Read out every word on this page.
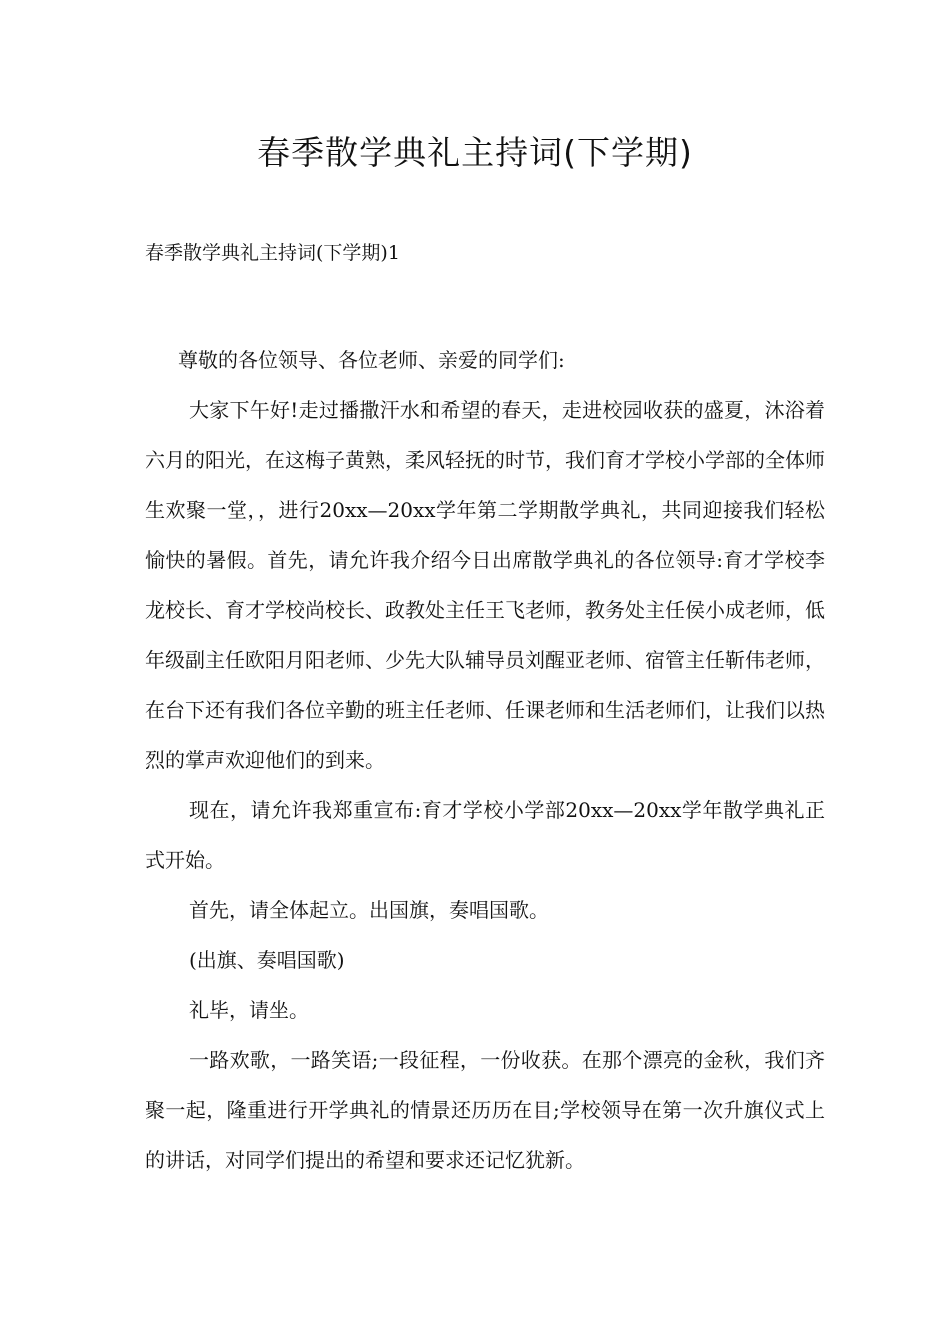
春季散学典礼主持词(下学期)
春季散学典礼主持词(下学期)1

尊敬的各位领导、各位老师、亲爱的同学们:

大家下午好!走过播撒汗水和希望的春天，走进校园收获的盛夏，沐浴着六月的阳光，在这梅子黄熟，柔风轻抚的时节，我们育才学校小学部的全体师生欢聚一堂，，进行20xx—20xx学年第二学期散学典礼，共同迎接我们轻松愉快的暑假。首先，请允许我介绍今日出席散学典礼的各位领导:育才学校李龙校长、育才学校尚校长、政教处主任王飞老师，教务处主任侯小成老师，低年级副主任欧阳月阳老师、少先大队辅导员刘醒亚老师、宿管主任靳伟老师，在台下还有我们各位辛勤的班主任老师、任课老师和生活老师们，让我们以热烈的掌声欢迎他们的到来。

现在，请允许我郑重宣布:育才学校小学部20xx—20xx学年散学典礼正式开始。

首先，请全体起立。出国旗，奏唱国歌。

(出旗、奏唱国歌)

礼毕，请坐。

一路欢歌，一路笑语;一段征程，一份收获。在那个漂亮的金秋，我们齐聚一起，隆重进行开学典礼的情景还历历在目;学校领导在第一次升旗仪式上的讲话，对同学们提出的希望和要求还记忆犹新。
